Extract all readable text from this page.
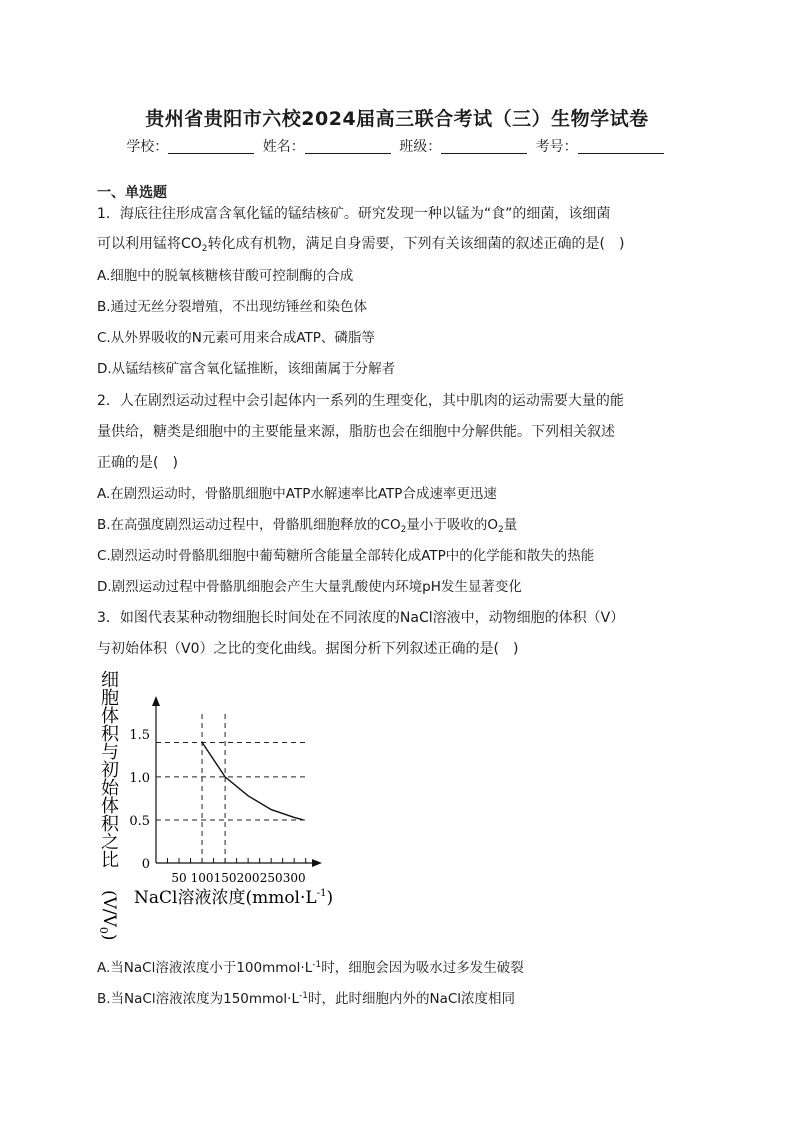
贵州省贵阳市六校2024届高三联合考试（三）生物学试卷
学校：	姓名：	班级：	考号：
一、单选题
1．海底往往形成富含氧化锰的锰结核矿。研究发现一种以锰为“食”的细菌，该细菌
可以利用锰将$CO_2$转化成有机物，满足自身需要，下列有关该细菌的叙述正确的是( )
A.细胞中的脱氧核糖核苷酸可控制酶的合成
B.通过无丝分裂增殖，不出现纺锤丝和染色体
C.从外界吸收的N元素可用来合成ATP、磷脂等
D.从锰结核矿富含氧化锰推断，该细菌属于分解者
2．人在剧烈运动过程中会引起体内一系列的生理变化，其中肌肉的运动需要大量的能
量供给，糖类是细胞中的主要能量来源，脂肪也会在细胞中分解供能。下列相关叙述
正确的是( )
A.在剧烈运动时，骨骼肌细胞中ATP水解速率比ATP合成速率更迅速
B.在高强度剧烈运动过程中，骨骼肌细胞释放的$CO_2$量小于吸收的$O_2$量
C.剧烈运动时骨骼肌细胞中葡萄糖所含能量全部转化成ATP中的化学能和散失的热能
D.剧烈运动过程中骨骼肌细胞会产生大量乳酸使内环境pH发生显著变化
3．如图代表某种动物细胞长时间处在不同浓度的NaCl溶液中，动物细胞的体积（V）
与初始体积（V0）之比的变化曲线。据图分析下列叙述正确的是( )
细
胞
体
积
与
初
始
体
积
之
比
$(V/V_0)$
1.5
1.0
0.5
0
50 100 150 200 250 300
NaCl溶液浓度$(mmol\cdot L^{-1})$
A.当NaCl溶液浓度小于$100mmol\cdot L^{-1}$时，细胞会因为吸水过多发生破裂
B.当NaCl溶液浓度为$150mmol\cdot L^{-1}$时，此时细胞内外的NaCl浓度相同
